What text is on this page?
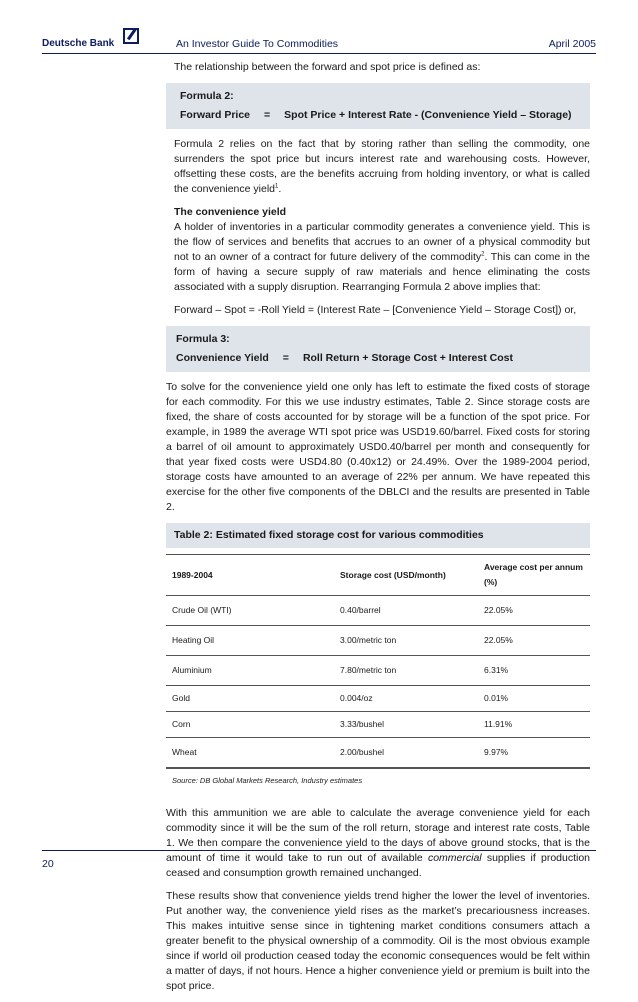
Deutsche Bank	An Investor Guide To Commodities	April 2005

The relationship between the forward and spot price is defined as:

Formula 2:
Forward Price	=	Spot Price + Interest Rate - (Convenience Yield – Storage)

Formula 2 relies on the fact that by storing rather than selling the commodity, one surrenders the spot price but incurs interest rate and warehousing costs. However, offsetting these costs, are the benefits accruing from holding inventory, or what is called the convenience yield$^1$.

The convenience yield

A holder of inventories in a particular commodity generates a convenience yield. This is the flow of services and benefits that accrues to an owner of a physical commodity but not to an owner of a contract for future delivery of the commodity$^2$. This can come in the form of having a secure supply of raw materials and hence eliminating the costs associated with a supply disruption. Rearranging Formula 2 above implies that:

Forward – Spot = -Roll Yield = (Interest Rate – [Convenience Yield – Storage Cost]) or,

Formula 3:
Convenience Yield	=	Roll Return + Storage Cost + Interest Cost

To solve for the convenience yield one only has left to estimate the fixed costs of storage for each commodity. For this we use industry estimates, Table 2. Since storage costs are fixed, the share of costs accounted for by storage will be a function of the spot price. For example, in 1989 the average WTI spot price was USD19.60/barrel. Fixed costs for storing a barrel of oil amount to approximately USD0.40/barrel per month and consequently for that year fixed costs were USD4.80 (0.40x12) or 24.49%. Over the 1989-2004 period, storage costs have amounted to an average of 22% per annum. We have repeated this exercise for the other five components of the DBLCI and the results are presented in Table 2.

Table 2: Estimated fixed storage cost for various commodities
1989-2004	Storage cost (USD/month)	Average cost per annum (%)
Crude Oil (WTI)	0.40/barrel	22.05%
Heating Oil	3.00/metric ton	22.05%
Aluminium	7.80/metric ton	6.31%
Gold	0.004/oz	0.01%
Corn	3.33/bushel	11.91%
Wheat	2.00/bushel	9.97%
Source: DB Global Markets Research, Industry estimates

With this ammunition we are able to calculate the average convenience yield for each commodity since it will be the sum of the roll return, storage and interest rate costs, Table 1. We then compare the convenience yield to the days of above ground stocks, that is the amount of time it would take to run out of available commercial supplies if production ceased and consumption growth remained unchanged.

These results show that convenience yields trend higher the lower the level of inventories. Put another way, the convenience yield rises as the market’s precariousness increases. This makes intuitive sense since in tightening market conditions consumers attach a greater benefit to the physical ownership of a commodity. Oil is the most obvious example since if world oil production ceased today the economic consequences would be felt within a matter of days, if not hours. Hence a higher convenience yield or premium is built into the spot price.

20
